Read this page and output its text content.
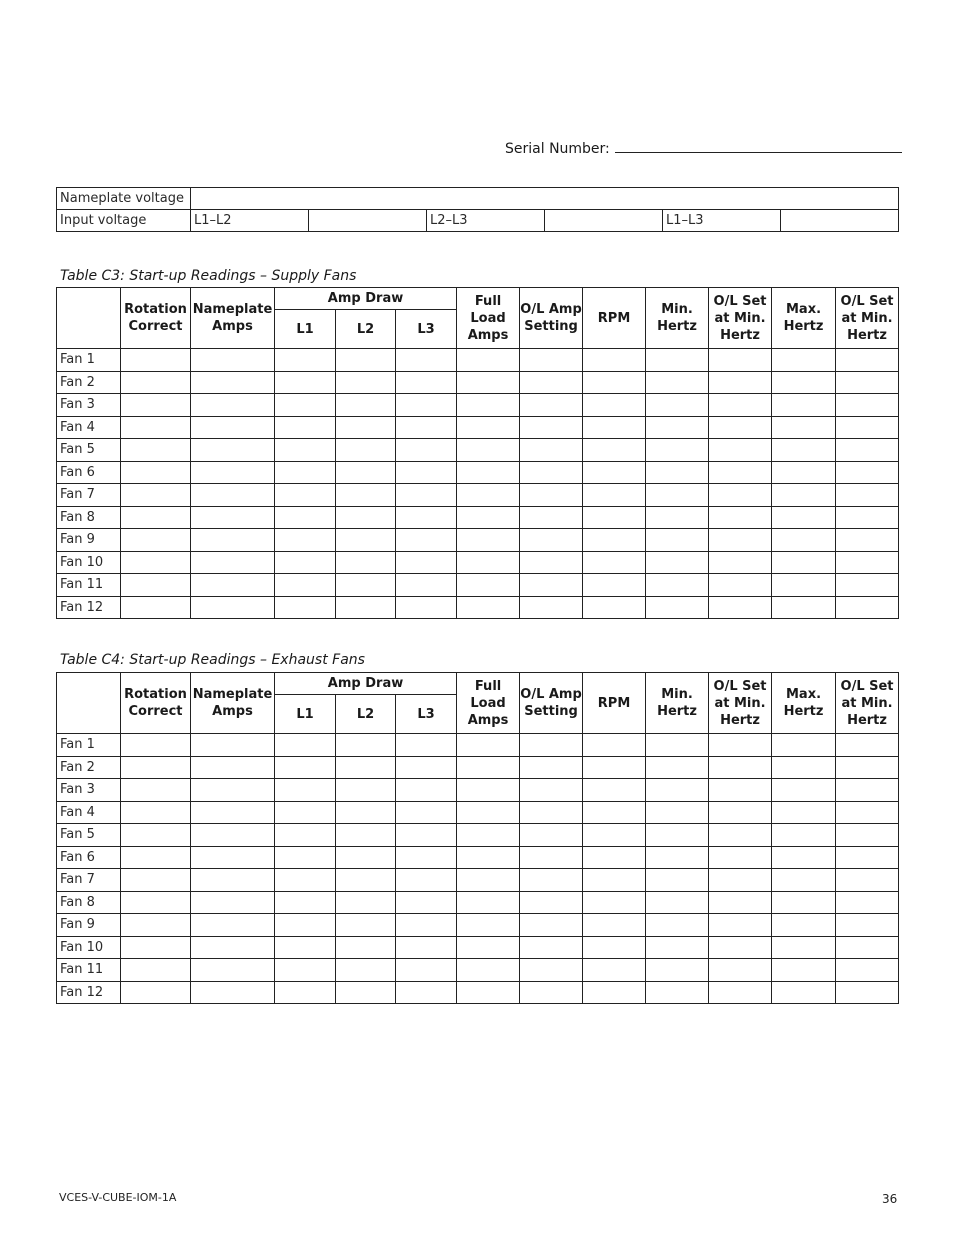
Serial Number:
Nameplate voltage						
Input voltage	L1–L2		L2–L3		L1–L3	
Table C3: Start-up Readings – Supply Fans
	Rotation Correct	Nameplate Amps	Amp Draw			Full Load Amps	O/L Amp Setting	RPM	Min. Hertz	O/L Set at Min. Hertz	Max. Hertz	O/L Set at Min. Hertz
			L1	L2	L3							
Fan 1												
Fan 2												
Fan 3												
Fan 4												
Fan 5												
Fan 6												
Fan 7												
Fan 8												
Fan 9												
Fan 10												
Fan 11												
Fan 12												
Table C4: Start-up Readings – Exhaust Fans
	Rotation Correct	Nameplate Amps	Amp Draw			Full Load Amps	O/L Amp Setting	RPM	Min. Hertz	O/L Set at Min. Hertz	Max. Hertz	O/L Set at Min. Hertz
			L1	L2	L3							
Fan 1												
Fan 2												
Fan 3												
Fan 4												
Fan 5												
Fan 6												
Fan 7												
Fan 8												
Fan 9												
Fan 10												
Fan 11												
Fan 12												
VCES-V-CUBE-IOM-1A	36
